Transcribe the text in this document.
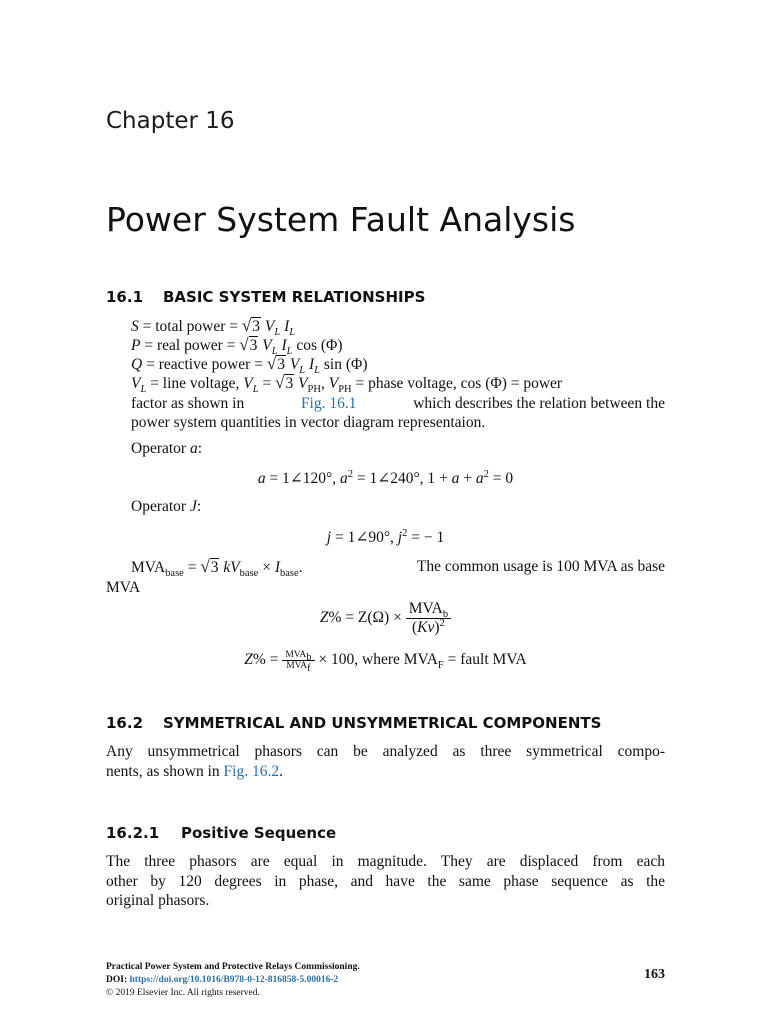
Chapter 16
Power System Fault Analysis
16.1 BASIC SYSTEM RELATIONSHIPS
S = total power = √3 $V_L$ $I_L$
P = real power = √3 $V_L$ $I_L$ cos (Φ)
Q = reactive power = √3 $V_L$ $I_L$ sin (Φ)
$V_L$ = line voltage, $V_L = √3$ $V_{PH}$, $V_{PH}$ = phase voltage, cos (Φ) = power
factor as shown in	Fig. 16.1	which describes the relation between the
power system quantities in vector diagram representaion.
Operator a:
a = 1∠120°, $a^2$ = 1∠240°, $1 + a + a^2 = 0$
Operator J:
j = 1∠90°, $j^2$ = − 1
$MVA_{base} = √3$ $kV_{base} \times I_{base}$.	The common usage is 100 MVA as base
MVA
$Z\% = Z(\Omega) \times \frac{MVA_b}{(Kv)^2}$
$Z\% = \frac{MVA_b}{MVA_f} \times 100$, where $MVA_F$ = fault MVA
16.2 SYMMETRICAL AND UNSYMMETRICAL COMPONENTS
Any unsymmetrical phasors can be analyzed as three symmetrical compo-
nents, as shown in Fig. 16.2.
16.2.1 Positive Sequence
The three phasors are equal in magnitude. They are displaced from each
other by 120 degrees in phase, and have the same phase sequence as the
original phasors.
Practical Power System and Protective Relays Commissioning.
DOI: https://doi.org/10.1016/B978-0-12-816858-5.00016-2
© 2019 Elsevier Inc. All rights reserved.
163
